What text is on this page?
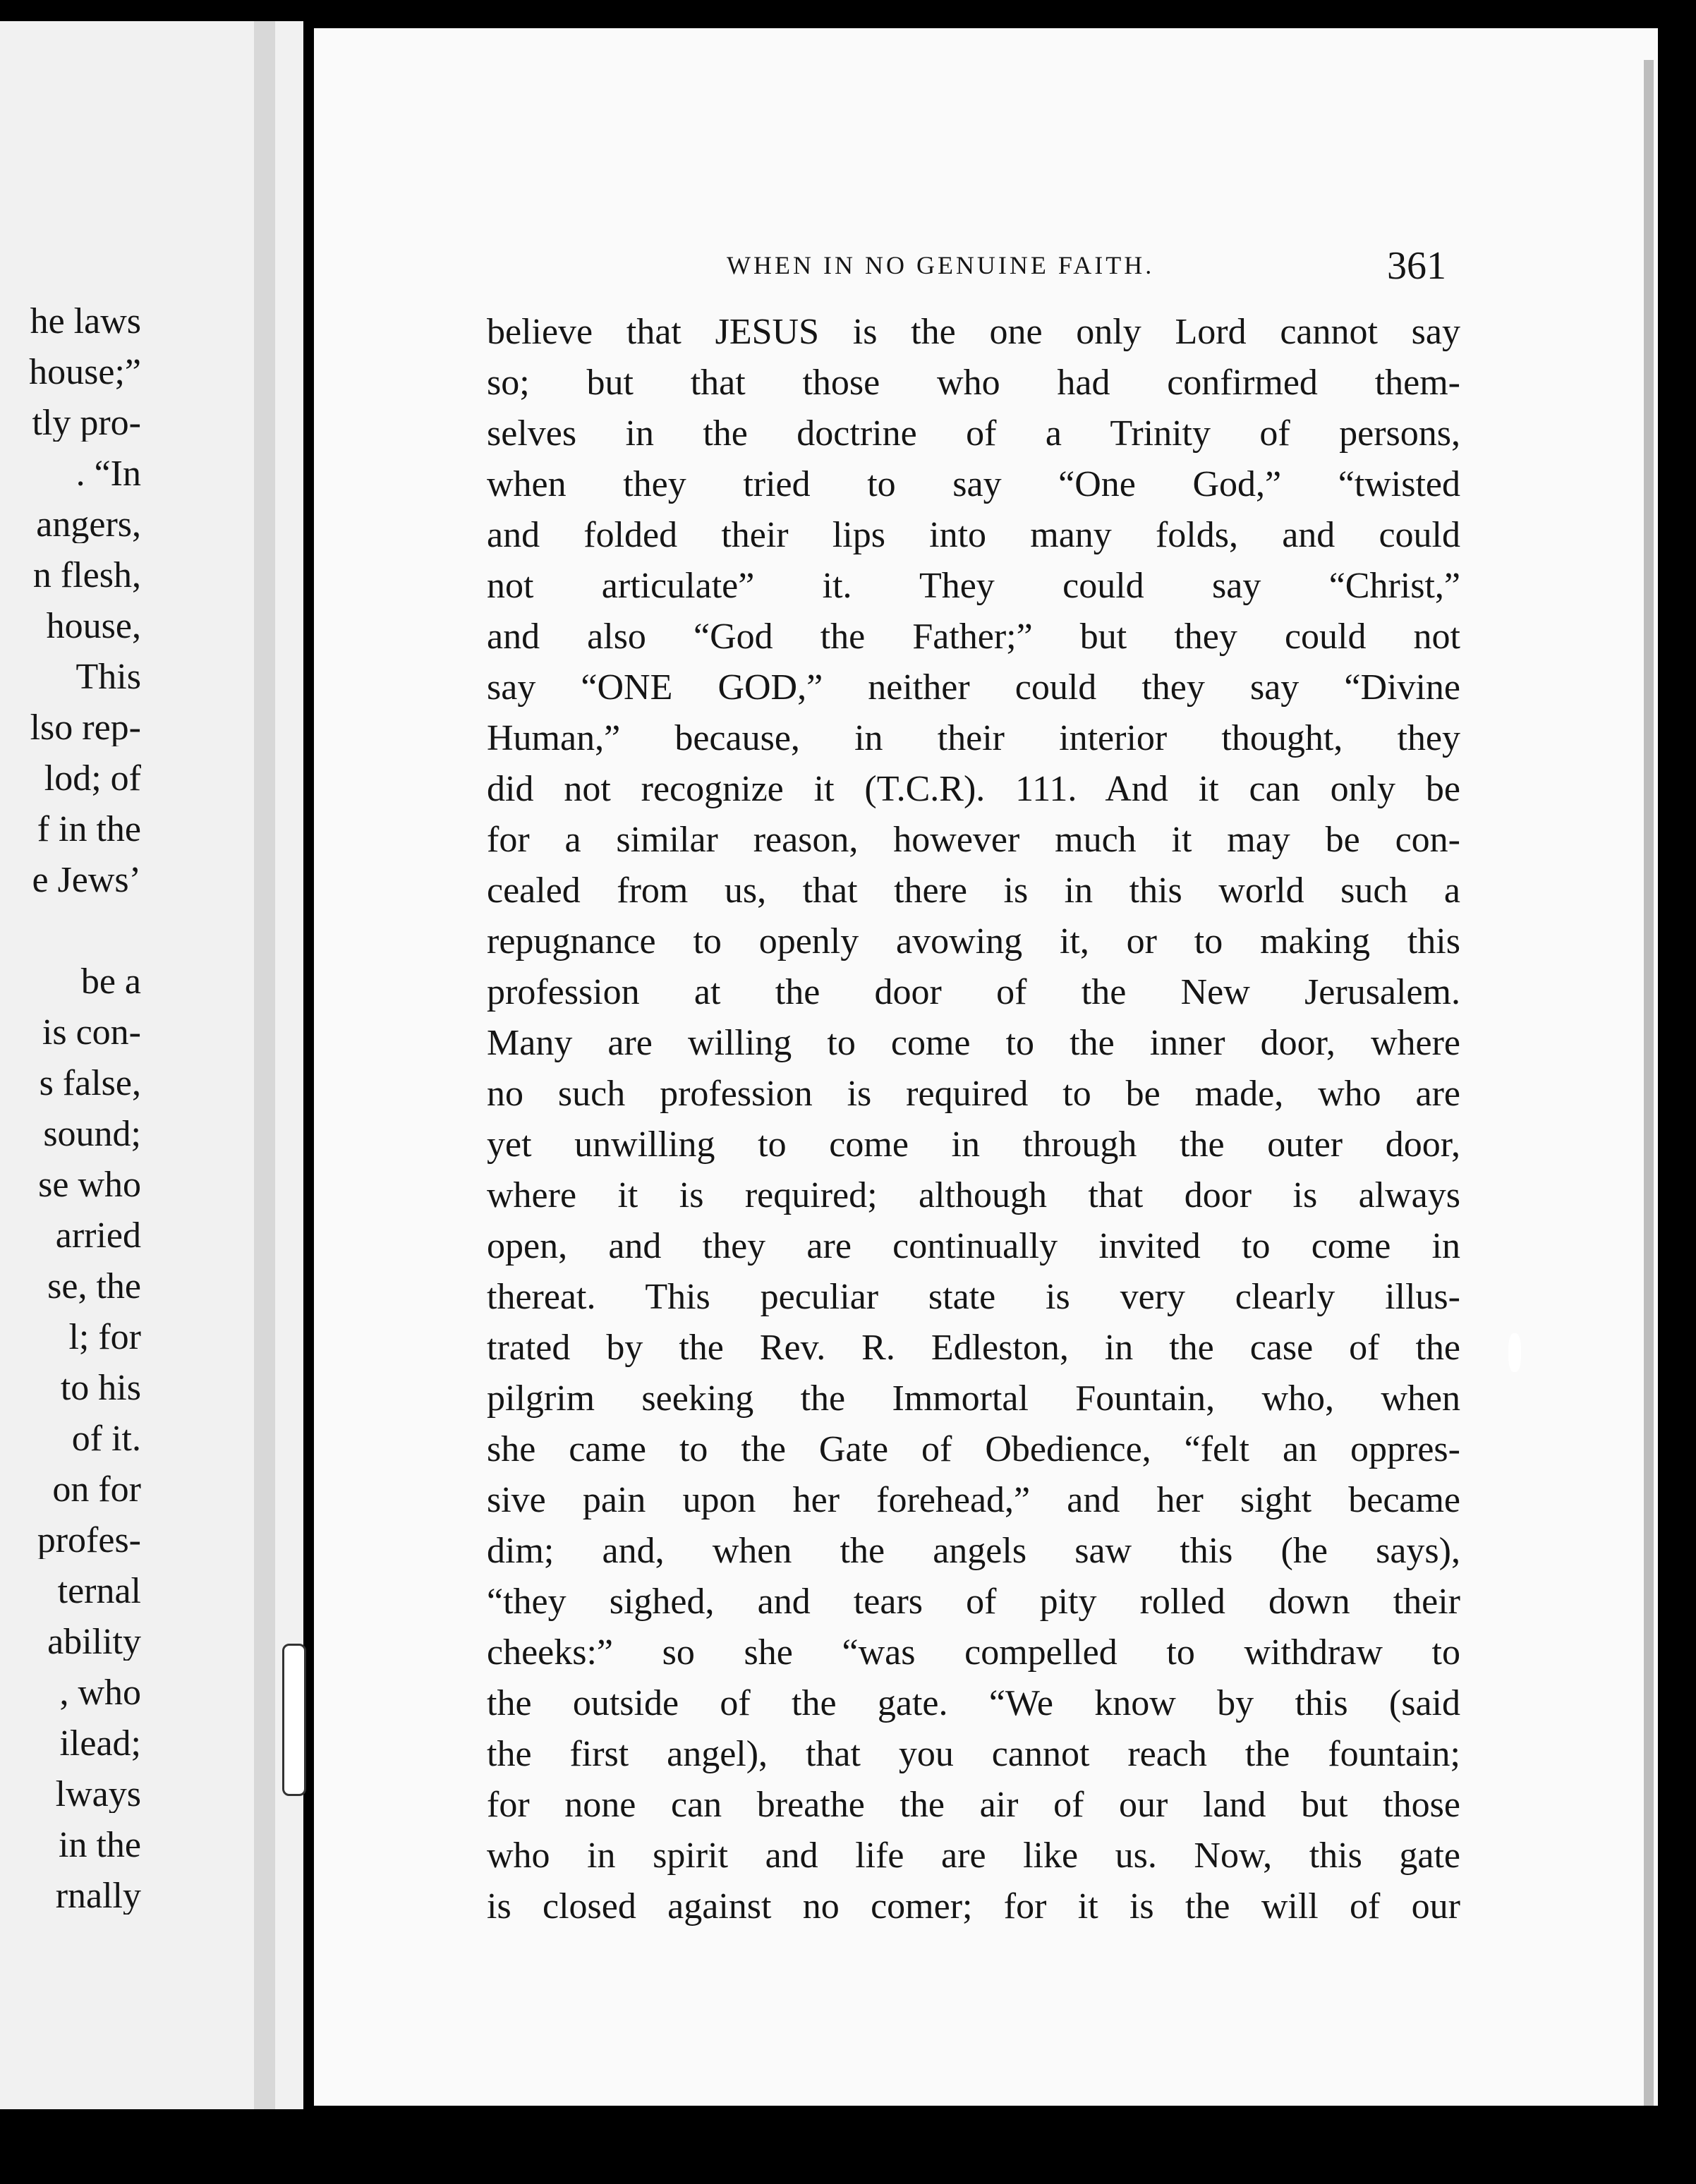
he laws
house;”
tly pro-
. “In
angers,
n flesh,
house,
This
lso rep-
lod; of
f in the
e Jews’
be a
is con-
s false,
sound;
se who
arried
se, the
l; for
to his
of it.
on for
profes-
ternal
ability
, who
ilead;
lways
in the
rnally
WHEN IN NO GENUINE FAITH.	361
believe that JESUS is the one only Lord cannot say
so; but that those who had confirmed them-
selves in the doctrine of a Trinity of persons,
when they tried to say “One God,” “twisted
and folded their lips into many folds, and could
not articulate” it. They could say “Christ,”
and also “God the Father;” but they could not
say “ONE GOD,” neither could they say “Divine
Human,” because, in their interior thought, they
did not recognize it (T.C.R). 111. And it can only be
for a similar reason, however much it may be con-
cealed from us, that there is in this world such a
repugnance to openly avowing it, or to making this
profession at the door of the New Jerusalem.
Many are willing to come to the inner door, where
no such profession is required to be made, who are
yet unwilling to come in through the outer door,
where it is required; although that door is always
open, and they are continually invited to come in
thereat. This peculiar state is very clearly illus-
trated by the Rev. R. Edleston, in the case of the
pilgrim seeking the Immortal Fountain, who, when
she came to the Gate of Obedience, “felt an oppres-
sive pain upon her forehead,” and her sight became
dim; and, when the angels saw this (he says),
“they sighed, and tears of pity rolled down their
cheeks:” so she “was compelled to withdraw to
the outside of the gate. “We know by this (said
the first angel), that you cannot reach the fountain;
for none can breathe the air of our land but those
who in spirit and life are like us. Now, this gate
is closed against no comer; for it is the will of our
